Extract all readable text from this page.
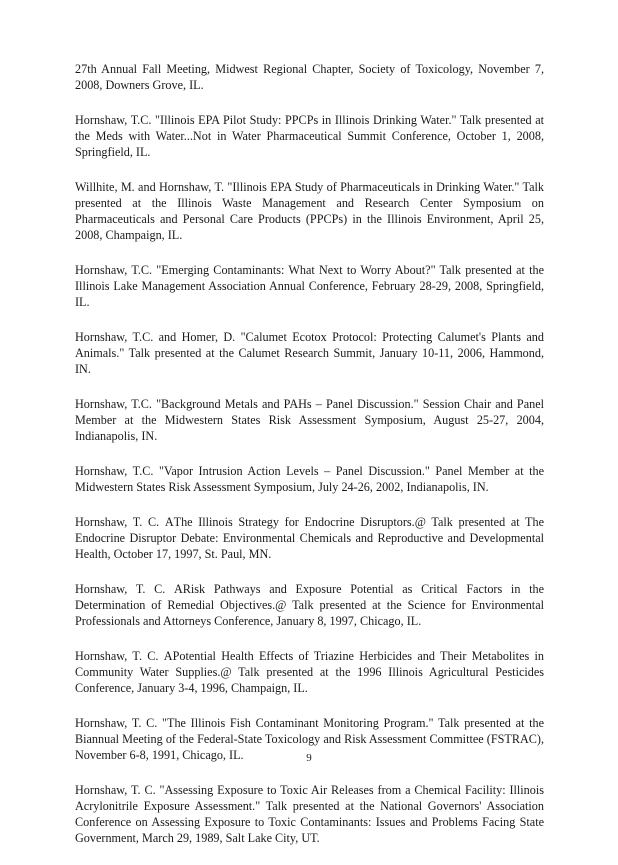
27th Annual Fall Meeting, Midwest Regional Chapter, Society of Toxicology, November 7, 2008, Downers Grove, IL.
Hornshaw, T.C. "Illinois EPA Pilot Study: PPCPs in Illinois Drinking Water." Talk presented at the Meds with Water...Not in Water Pharmaceutical Summit Conference, October 1, 2008, Springfield, IL.
Willhite, M. and Hornshaw, T. "Illinois EPA Study of Pharmaceuticals in Drinking Water." Talk presented at the Illinois Waste Management and Research Center Symposium on Pharmaceuticals and Personal Care Products (PPCPs) in the Illinois Environment, April 25, 2008, Champaign, IL.
Hornshaw, T.C. "Emerging Contaminants: What Next to Worry About?" Talk presented at the Illinois Lake Management Association Annual Conference, February 28-29, 2008, Springfield, IL.
Hornshaw, T.C. and Homer, D. "Calumet Ecotox Protocol: Protecting Calumet's Plants and Animals." Talk presented at the Calumet Research Summit, January 10-11, 2006, Hammond, IN.
Hornshaw, T.C. "Background Metals and PAHs – Panel Discussion." Session Chair and Panel Member at the Midwestern States Risk Assessment Symposium, August 25-27, 2004, Indianapolis, IN.
Hornshaw, T.C. "Vapor Intrusion Action Levels – Panel Discussion." Panel Member at the Midwestern States Risk Assessment Symposium, July 24-26, 2002, Indianapolis, IN.
Hornshaw, T. C. ΑThe Illinois Strategy for Endocrine Disruptors.@ Talk presented at The Endocrine Disruptor Debate: Environmental Chemicals and Reproductive and Developmental Health, October 17, 1997, St. Paul, MN.
Hornshaw, T. C. ΑRisk Pathways and Exposure Potential as Critical Factors in the Determination of Remedial Objectives.@ Talk presented at the Science for Environmental Professionals and Attorneys Conference, January 8, 1997, Chicago, IL.
Hornshaw, T. C. ΑPotential Health Effects of Triazine Herbicides and Their Metabolites in Community Water Supplies.@ Talk presented at the 1996 Illinois Agricultural Pesticides Conference, January 3-4, 1996, Champaign, IL.
Hornshaw, T. C. "The Illinois Fish Contaminant Monitoring Program." Talk presented at the Biannual Meeting of the Federal-State Toxicology and Risk Assessment Committee (FSTRAC), November 6-8, 1991, Chicago, IL.
Hornshaw, T. C. "Assessing Exposure to Toxic Air Releases from a Chemical Facility: Illinois Acrylonitrile Exposure Assessment." Talk presented at the National Governors' Association Conference on Assessing Exposure to Toxic Contaminants: Issues and Problems Facing State Government, March 29, 1989, Salt Lake City, UT.
9
